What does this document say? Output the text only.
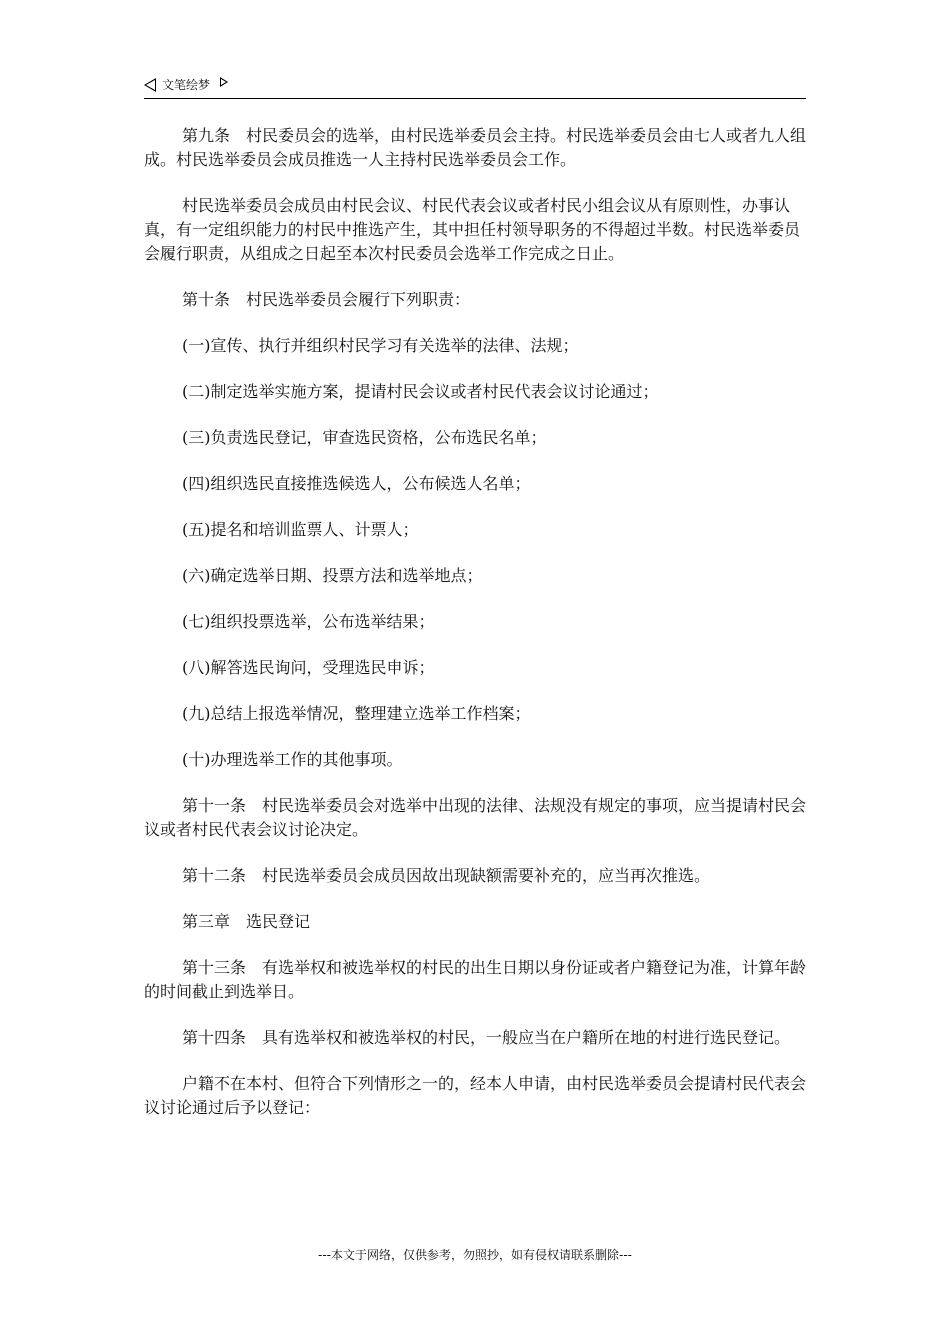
文笔绘梦

第九条　村民委员会的选举，由村民选举委员会主持。村民选举委员会由七人或者九人组成。村民选举委员会成员推选一人主持村民选举委员会工作。

村民选举委员会成员由村民会议、村民代表会议或者村民小组会议从有原则性，办事认真，有一定组织能力的村民中推选产生，其中担任村领导职务的不得超过半数。村民选举委员会履行职责，从组成之日起至本次村民委员会选举工作完成之日止。

第十条　村民选举委员会履行下列职责：

(一)宣传、执行并组织村民学习有关选举的法律、法规；

(二)制定选举实施方案，提请村民会议或者村民代表会议讨论通过；

(三)负责选民登记，审查选民资格，公布选民名单；

(四)组织选民直接推选候选人，公布候选人名单；

(五)提名和培训监票人、计票人；

(六)确定选举日期、投票方法和选举地点；

(七)组织投票选举，公布选举结果；

(八)解答选民询问，受理选民申诉；

(九)总结上报选举情况，整理建立选举工作档案；

(十)办理选举工作的其他事项。

第十一条　村民选举委员会对选举中出现的法律、法规没有规定的事项，应当提请村民会议或者村民代表会议讨论决定。

第十二条　村民选举委员会成员因故出现缺额需要补充的，应当再次推选。

第三章　选民登记

第十三条　有选举权和被选举权的村民的出生日期以身份证或者户籍登记为准，计算年龄的时间截止到选举日。

第十四条　具有选举权和被选举权的村民，一般应当在户籍所在地的村进行选民登记。

户籍不在本村、但符合下列情形之一的，经本人申请，由村民选举委员会提请村民代表会议讨论通过后予以登记：

---本文于网络，仅供参考，勿照抄，如有侵权请联系删除---
